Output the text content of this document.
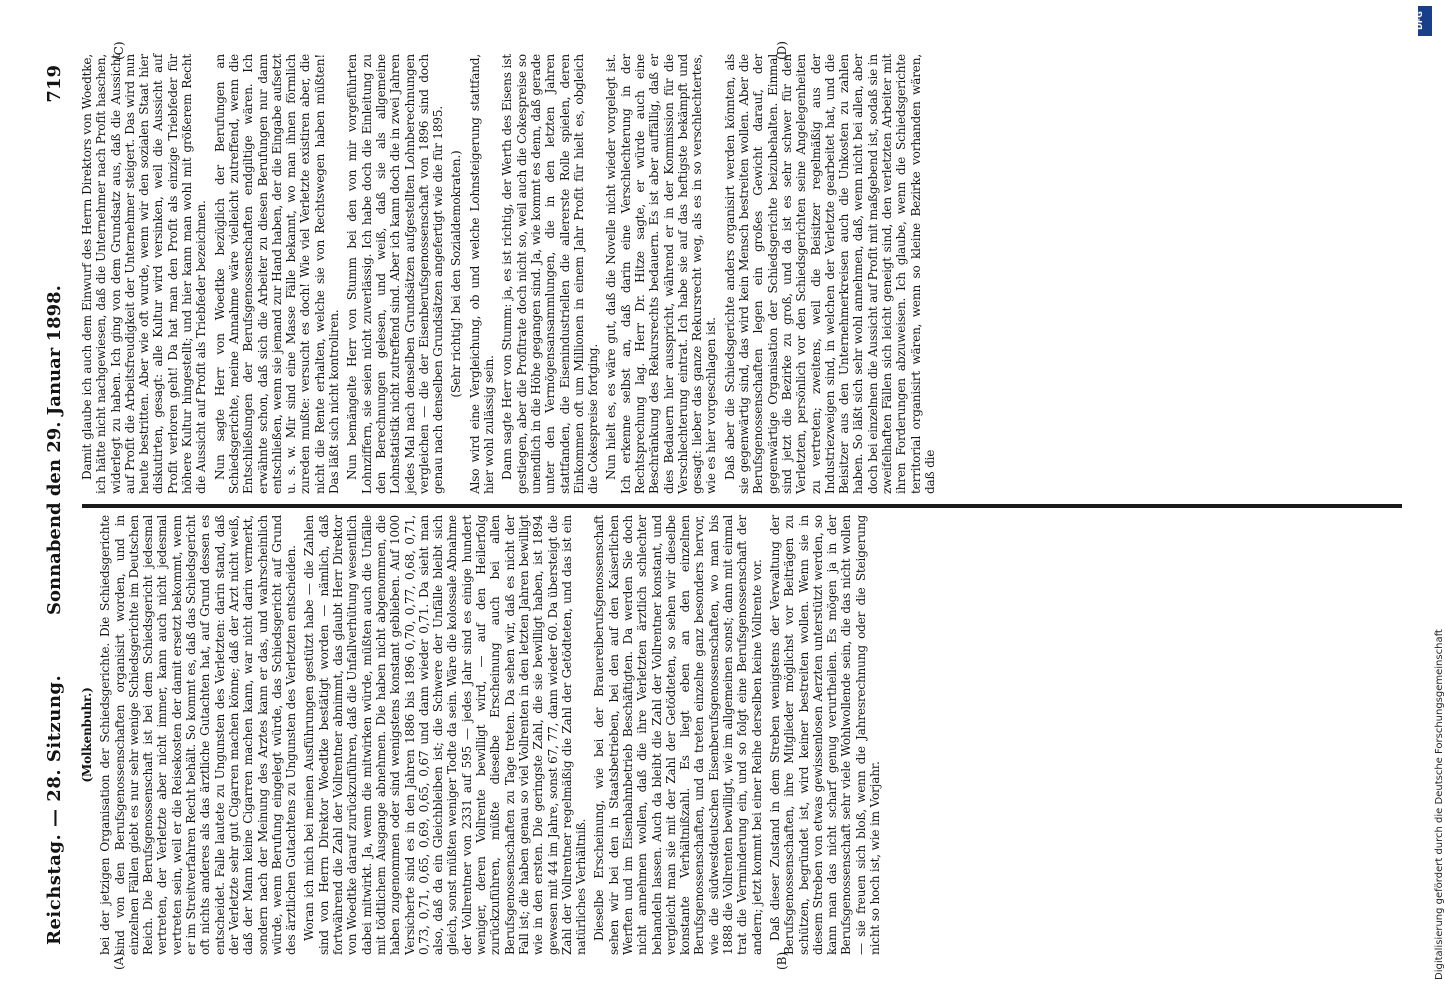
Reichstag. — 28. Sitzung.
Sonnabend den 29. Januar 1898.
719
(A)	(B)
(C)	(D)

(Molkenbuhr.) bei der jetzigen Organisation der Schiedsgerichte. Die Schiedsgerichte sind von den Berufsgenossenschaften organisirt worden, und in einzelnen Fällen giebt es nur sehr wenige Schiedsgerichte im Deutschen Reich. Die Berufsgenossenschaft ist bei dem Schiedsgericht jedesmal vertreten, der Verletzte aber nicht immer, kann auch nicht jedesmal vertreten sein, weil er die Reisekosten der damit ersetzt bekommt, wenn er im Streitverfahren Recht behält. So kommt es, daß das Schiedsgericht oft nichts anderes als das ärztliche Gutachten hat, auf Grund dessen es entscheidet. Falle lautete zu Ungunsten des Verletzten: darin stand, daß der Verletzte sehr gut Cigarren machen könne; daß der Arzt nicht weiß, daß der Mann keine Cigarren machen kann, war nicht darin vermerkt, sondern nach der Meinung des Arztes kann er das, und wahrscheinlich würde, wenn Berufung eingelegt würde, das Schiedsgericht auf Grund des ärztlichen Gutachtens zu Ungunsten des Verletzten entscheiden. Woran ich mich bei meinen Ausführungen gestützt habe — die Zahlen sind von Herrn Direktor Woedtke bestätigt worden — nämlich, daß fortwährend die Zahl der Vollrentner abnimmt, das glaubt Herr Direktor von Woedtke darauf zurückzuführen, daß die Unfallverhütung wesentlich dabei mitwirkt. Ja, wenn die mitwirken würde, müßten auch die Unfälle mit tödtlichem Ausgange abnehmen. Die haben nicht abgenommen, die haben zugenommen oder sind wenigstens konstant geblieben. Auf 1000 Versicherte sind es in den Jahren 1886 bis 1896 0,70, 0,77, 0,68, 0,71, 0,73, 0,71, 0,65, 0,69, 0,65, 0,67 und dann wieder 0,71. Da sieht man also, daß da ein Gleichbleiben ist; die Schwere der Unfälle bleibt sich gleich, sonst müßten weniger Todte da sein. Wäre die kolossale Abnahme der Vollrentner von 2331 auf 595 — jedes Jahr sind es einige hundert weniger, deren Vollrente bewilligt wird, — auf den Heilerfolg zurückzuführen, müßte dieselbe Erscheinung auch bei allen Berufsgenossenschaften zu Tage treten. Da sehen wir, daß es nicht der Fall ist; die haben genau so viel Vollrenten in den letzten Jahren bewilligt wie in den ersten. Die geringste Zahl, die sie bewilligt haben, ist 1894 gewesen mit 44 im Jahre, sonst 67, 77, dann wieder 60. Da übersteigt die Zahl der Vollrentner regelmäßig die Zahl der Getödteten, und das ist ein natürliches Verhältniß. Dieselbe Erscheinung, wie bei der Brauereiberufsgenossenschaft sehen wir bei den in Staatsbetrieben, bei den auf den Kaiserlichen Werften und im Eisenbahnbetrieb Beschäftigten. Da werden Sie doch nicht annehmen wollen, daß die ihre Verletzten ärztlich schlechter behandeln lassen. Auch da bleibt die Zahl der Vollrentner konstant, und vergleicht man sie mit der Zahl der Getödteten, so sehen wir dieselbe konstante Verhältnißzahl. Es liegt eben an den einzelnen Berufsgenossenschaften, und da treten einzelne ganz besonders hervor, wie die südwestdeutschen Eisenberufsgenossenschaften, wo man bis 1888 die Vollrenten bewilligt, wie im allgemeinen sonst; dann mit einmal trat die Verminderung ein, und so folgt eine Berufsgenossenschaft der andern; jetzt kommt bei einer Reihe derselben keine Vollrente vor. Daß dieser Zustand in dem Streben wenigstens der Verwaltung der Berufsgenossenschaften, ihre Mitglieder möglichst vor Beiträgen zu schützen, begründet ist, wird keiner bestreiten wollen. Wenn sie in diesem Streben von etwas gewissenlosen Aerzten unterstützt werden, so kann man das nicht scharf genug verurtheilen. Es mögen ja in der Berufsgenossenschaft sehr viele Wohlwollende sein, die das nicht wollen — sie freuen sich bloß, wenn die Jahresrechnung oder die Steigerung nicht so hoch ist, wie im Vorjahr.

Damit glaube ich auch dem Einwurf des Herrn Direktors von Woedtke, ich hätte nicht nachgewiesen, daß die Unternehmer nach Profit haschen, widerlegt zu haben. Ich ging von dem Grundsatz aus, daß die Aussicht auf Profit die Arbeitsfreudigkeit der Unternehmer steigert. Das wird nun heute bestritten. Aber wie oft wurde, wenn wir den sozialen Staat hier diskutirten, gesagt: alle Kultur wird versinken, weil die Aussicht auf Profit verloren geht! Da hat man den Profit als einzige Triebfeder für höhere Kultur hingestellt; und hier kann man wohl mit größerem Recht die Aussicht auf Profit als Triebfeder bezeichnen. Nun sagte Herr von Woedtke bezüglich der Berufungen an Schiedsgerichte, meine Annahme wäre vielleicht zutreffend, wenn die Entschließungen der Berufsgenossenschaften endgiltige wären. Ich erwähnte schon, daß sich die Arbeiter zu diesen Berufungen nur dann entschließen, wenn sie jemand zur Hand haben, der die Eingabe aufsetzt u. s. w. Mir sind eine Masse Fälle bekannt, wo man ihnen förmlich zureden mußte: versucht es doch! Wie viel Verletzte existiren aber, die nicht die Rente erhalten, welche sie von Rechtswegen haben müßten! Das läßt sich nicht kontroliren. Nun bemängelte Herr von Stumm bei den von mir vorgeführten Lohnziffern, sie seien nicht zuverlässig. Ich habe doch die Einleitung zu den Berechnungen gelesen, und weiß, daß sie als allgemeine Lohnstatistik nicht zutreffend sind. Aber ich kann doch die in zwei Jahren jedes Mal nach denselben Grundsätzen aufgestellten Lohnberechnungen vergleichen — die der Eisenberufsgenossenschaft von 1896 sind doch genau nach denselben Grundsätzen angefertigt wie die für 1895. (Sehr richtig! bei den Sozialdemokraten.) Also wird eine Vergleichung, ob und welche Lohnsteigerung stattfand, hier wohl zulässig sein. Dann sagte Herr von Stumm: ja, es ist richtig, der Werth des Eisens ist gestiegen, aber die Profitrate doch nicht so, weil auch die Cokespreise so unendlich in die Höhe gegangen sind. Ja, wie kommt es denn, daß gerade unter den Vermögensansammlungen, die in den letzten Jahren stattfanden, die Eisenindustriellen die allererste Rolle spielen, deren Einkommen oft um Millionen in einem Jahr Profit für hielt es, obgleich die Cokespreise fortging. Nun hielt es, es wäre gut, daß die Novelle nicht wieder vorgelegt ist. Ich erkenne selbst an, daß darin eine Verschlechterung in der Rechtsprechung lag. Herr Dr. Hitze sagte, er würde auch eine Beschränkung des Rekursrechts bedauern. Es ist aber auffällig, daß er dies Bedauern hier ausspricht, während er in der Kommission für die Verschlechterung eintrat. Ich habe sie auf das heftigste bekämpft und gesagt: lieber das ganze Rekursrecht weg, als es in so verschlechtertes, wie es hier vorgeschlagen ist. Daß aber die Schiedsgerichte anders organisirt werden könnten, als sie gegenwärtig sind, das wird kein Mensch bestreiten wollen. Aber die Berufsgenossenschaften legen ein großes Gewicht darauf, der gegenwärtige Organisation der Schiedsgerichte beizubehalten. Einmal sind jetzt die Bezirke zu groß, und da ist es sehr schwer für den Verletzten, persönlich vor den Schiedsgerichten seine Angelegenheiten zu vertreten; zweitens, weil die Beisitzer regelmäßig aus der Industriezweigen sind, in welchen der Verletzte gearbeitet hat, und die Beisitzer aus den Unternehmerkreisen auch die Unkosten zu zahlen haben. So läßt sich sehr wohl annehmen, daß, wenn nicht bei allen, aber doch bei einzelnen die Aussicht auf Profit mit maßgebend ist, sodaß sie in zweifelhaften Fällen sich leicht geneigt sind, den verletzten Arbeiter mit ihren Forderungen abzuweisen. Ich glaube, wenn die Schiedsgerichte territorial organisirt wären, wenn so kleine Bezirke vorhanden wären, daß die

DFG
Digitalisierung gefördert durch die Deutsche Forschungsgemeinschaft
